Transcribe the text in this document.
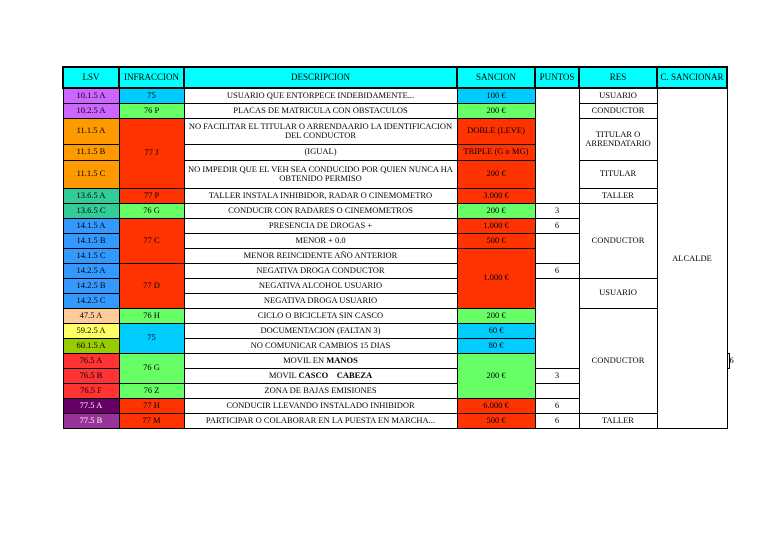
LSV	INFRACCION	DESCRIPCION	SANCION	PUNTOS	RES	C. SANCIONAR	
10.1.5 A	75	USUARIO QUE ENTORPECE INDEBIDAMENTE...	100 €		USUARIO	ALCALDE	
10.2.5 A	76 P	PLACAS DE MATRICULA CON OBSTACULOS	200 €		CONDUCTOR		
11.1.5 A	77 J	NO FACILITAR EL TITULAR O ARRENDAARIO LA IDENTIFICACION DEL CONDUCTOR	DOBLE (LEVE)		TITULAR O ARRENDATARIO		
11.1.5 B		(IGUAL)	TRIPLE (G o MG)				
11.1.5 C		NO IMPEDIR QUE EL VEH SEA CONDUCIDO POR QUIEN NUNCA HA OBTENIDO PERMISO	200 €		TITULAR		
13.6.5 A	77 P	TALLER INSTALA INHIBIDOR, RADAR O CINEMOMETRO	3.000 €		TALLER		
13.6.5 C	76 G	CONDUCIR CON RADARES O CINEMOMETROS	200 €	3	CONDUCTOR		
14.1.5 A	77 C	PRESENCIA DE DROGAS +	1.000 €	6			
14.1.5 B		MENOR + 0.0	500 €				
14.1.5 C		MENOR REINCIDENTE AÑO ANTERIOR	1.000 €				
14.2.5 A	77 D	NEGATIVA DROGA CONDUCTOR		6			
14.2.5 B		NEGATIVA ALCOHOL USUARIO			USUARIO		
14.2.5 C		NEGATIVA DROGA USUARIO					
47.5 A	76 H	CICLO O BICICLETA SIN CASCO	200 €		CONDUCTOR		
59.2.5 A	75	DOCUMENTACION (FALTAN 3)	60 €				
60.1.5 A		NO COMUNICAR CAMBIOS 15 DIAS	80 €				
76.5 A	76 G	MOVIL EN MANOS	200 €				6
76.5 B		MOVIL CASCO    CABEZA		3			
76.5 F	76 Z	ZONA DE BAJAS EMISIONES					
77.5 A	77 H	CONDUCIR LLEVANDO INSTALADO INHIBIDOR	6.000 €	6			
77.5 B	77 M	PARTICIPAR O COLABORAR EN LA PUESTA EN MARCHA...	500 €	6	TALLER		
